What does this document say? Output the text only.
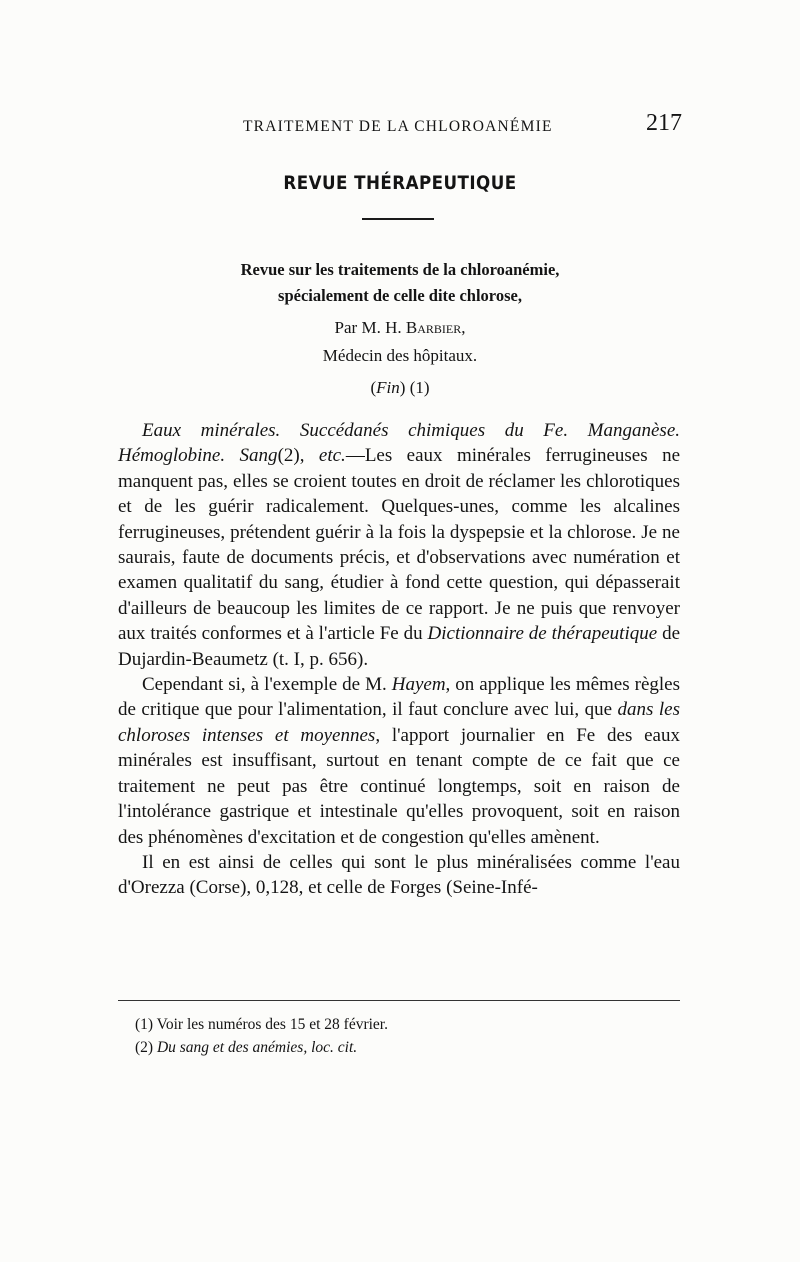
TRAITEMENT DE LA CHLOROANÉMIE	217
REVUE THÉRAPEUTIQUE
Revue sur les traitements de la chloroanémie,
spécialement de celle dite chlorose,
Par M. H. Barbier,
Médecin des hôpitaux.
(Fin) (1)

Eaux minérales. Succédanés chimiques du Fe. Manganèse. Hémoglobine. Sang(2), etc.—Les eaux minérales ferrugineuses ne manquent pas, elles se croient toutes en droit de réclamer les chlorotiques et de les guérir radicalement. Quelques-unes, comme les alcalines ferrugineuses, prétendent guérir à la fois la dyspepsie et la chlorose. Je ne saurais, faute de documents précis, et d'observations avec numération et examen qualitatif du sang, étudier à fond cette question, qui dépasserait d'ailleurs de beaucoup les limites de ce rapport. Je ne puis que renvoyer aux traités conformes et à l'article Fe du Dictionnaire de thérapeutique de Dujardin-Beaumetz (t. I, p. 656).

Cependant si, à l'exemple de M. Hayem, on applique les mêmes règles de critique que pour l'alimentation, il faut conclure avec lui, que dans les chloroses intenses et moyennes, l'apport journalier en Fe des eaux minérales est insuffisant, surtout en tenant compte de ce fait que ce traitement ne peut pas être continué longtemps, soit en raison de l'intolérance gastrique et intestinale qu'elles provoquent, soit en raison des phénomènes d'excitation et de congestion qu'elles amènent.

Il en est ainsi de celles qui sont le plus minéralisées comme l'eau d'Orezza (Corse), 0,128, et celle de Forges (Seine-Infé-

(1) Voir les numéros des 15 et 28 février.
(2) Du sang et des anémies, loc. cit.
